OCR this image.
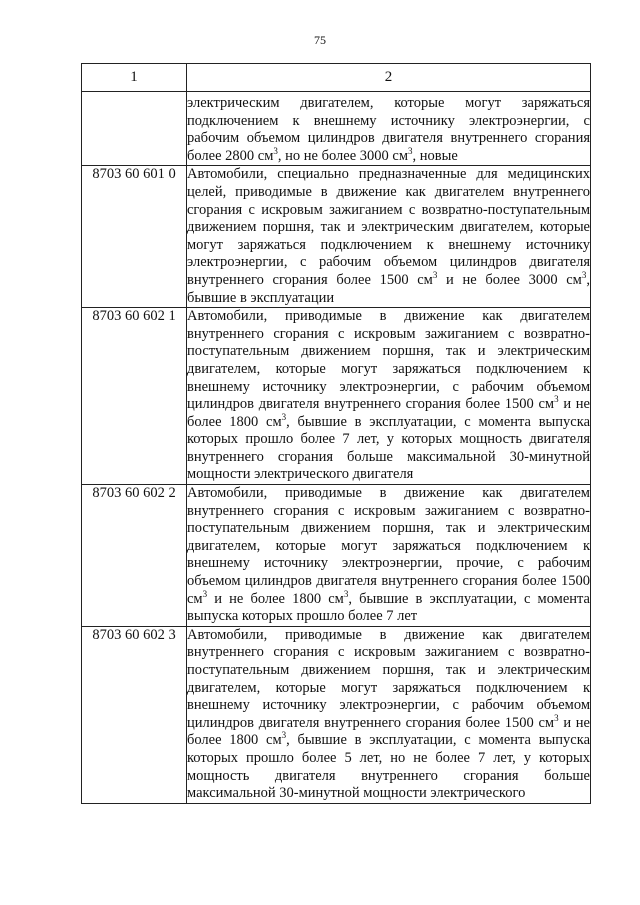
75
1	2
	электрическим двигателем, которые могут заряжаться подключением к внешнему источнику электроэнергии, с рабочим объемом цилиндров двигателя внутреннего сгорания более 2800 $см^3$, но не более 3000 $см^3$, новые
8703 60 601 0	Автомобили, специально предназначенные для медицинских целей, приводимые в движение как двигателем внутреннего сгорания с искровым зажиганием с возвратно-поступательным движением поршня, так и электрическим двигателем, которые могут заряжаться подключением к внешнему источнику электроэнергии, с рабочим объемом цилиндров двигателя внутреннего сгорания более 1500 $см^3$ и не более 3000 $см^3$, бывшие в эксплуатации
8703 60 602 1	Автомобили, приводимые в движение как двигателем внутреннего сгорания с искровым зажиганием с возвратно-поступательным движением поршня, так и электрическим двигателем, которые могут заряжаться подключением к внешнему источнику электроэнергии, с рабочим объемом цилиндров двигателя внутреннего сгорания более 1500 $см^3$ и не более 1800 $см^3$, бывшие в эксплуатации, с момента выпуска которых прошло более 7 лет, у которых мощность двигателя внутреннего сгорания больше максимальной 30-минутной мощности электрического двигателя
8703 60 602 2	Автомобили, приводимые в движение как двигателем внутреннего сгорания с искровым зажиганием с возвратно-поступательным движением поршня, так и электрическим двигателем, которые могут заряжаться подключением к внешнему источнику электроэнергии, прочие, с рабочим объемом цилиндров двигателя внутреннего сгорания более 1500 $см^3$ и не более 1800 $см^3$, бывшие в эксплуатации, с момента выпуска которых прошло более 7 лет
8703 60 602 3	Автомобили, приводимые в движение как двигателем внутреннего сгорания с искровым зажиганием с возвратно-поступательным движением поршня, так и электрическим двигателем, которые могут заряжаться подключением к внешнему источнику электроэнергии, с рабочим объемом цилиндров двигателя внутреннего сгорания более 1500 $см^3$ и не более 1800 $см^3$, бывшие в эксплуатации, с момента выпуска которых прошло более 5 лет, но не более 7 лет, у которых мощность двигателя внутреннего сгорания больше максимальной 30-минутной мощности электрического
